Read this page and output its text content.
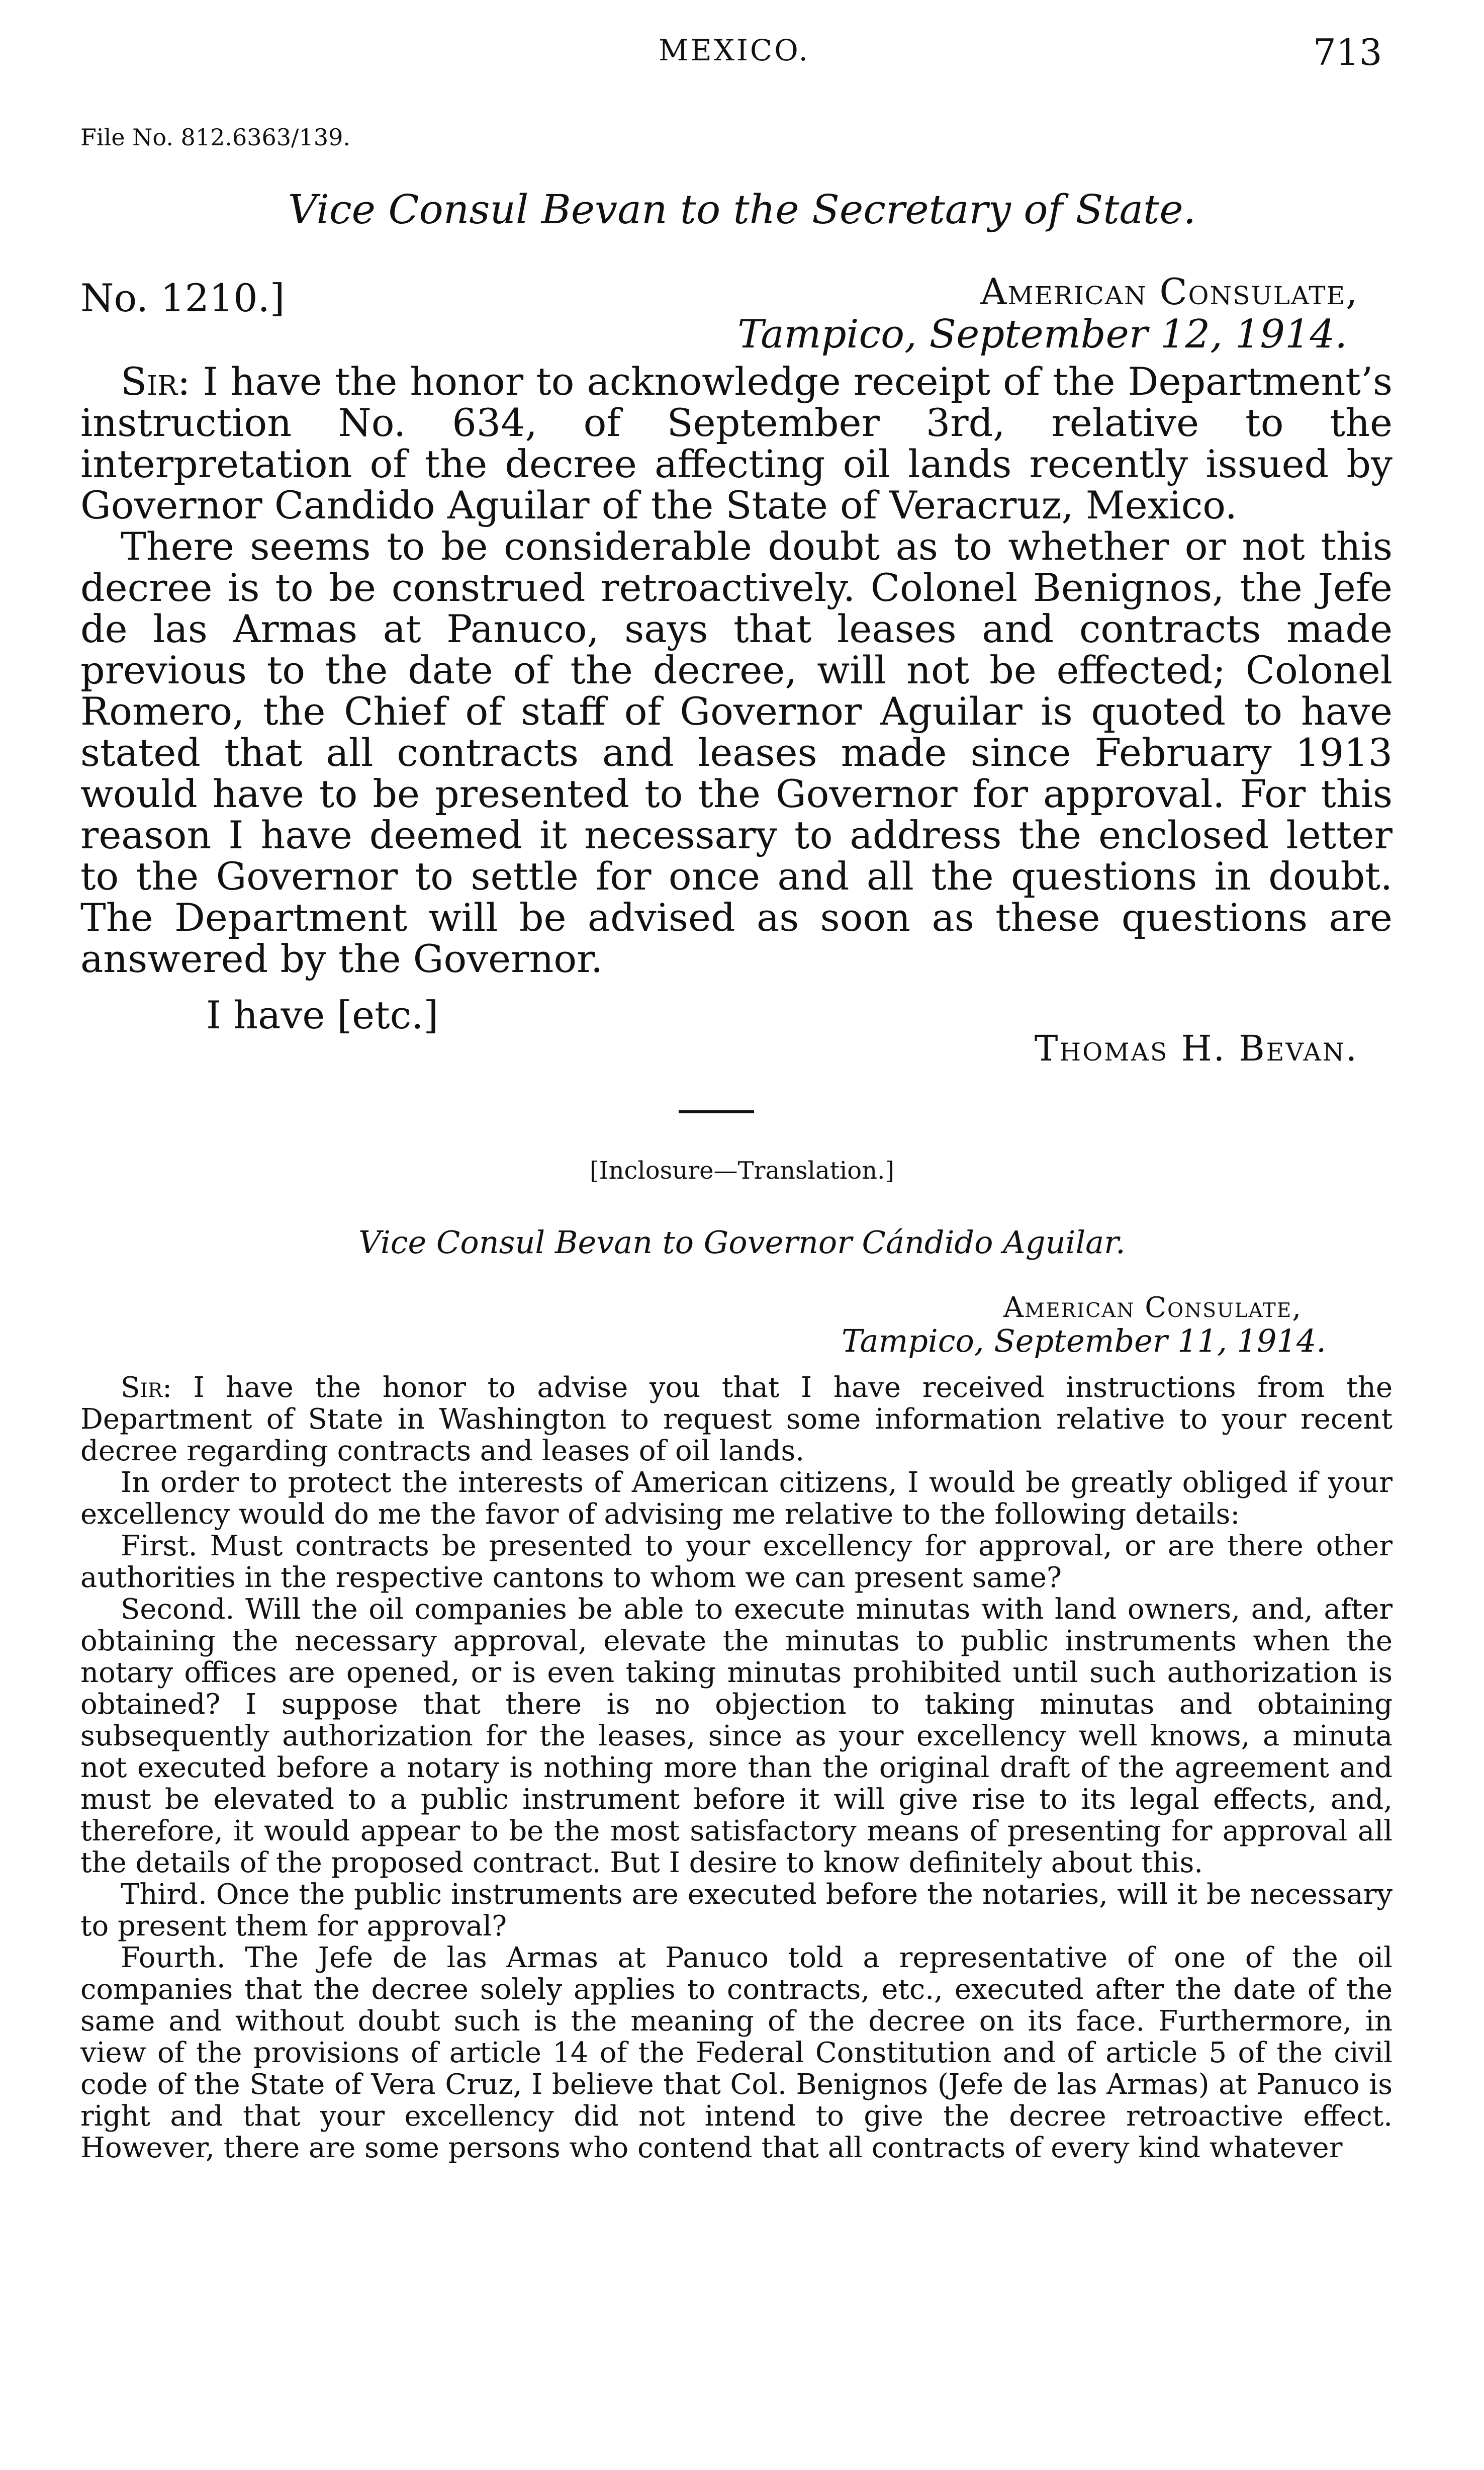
MEXICO.	713
File No. 812.6363/139.
Vice Consul Bevan to the Secretary of State.
No. 1210.]	American Consulate,
Tampico, September 12, 1914.

Sir: I have the honor to acknowledge receipt of the Department’s instruction No. 634, of September 3rd, relative to the interpretation of the decree affecting oil lands recently issued by Governor Candido Aguilar of the State of Veracruz, Mexico.

There seems to be considerable doubt as to whether or not this decree is to be construed retroactively. Colonel Benignos, the Jefe de las Armas at Panuco, says that leases and contracts made previous to the date of the decree, will not be effected; Colonel Romero, the Chief of staff of Governor Aguilar is quoted to have stated that all contracts and leases made since February 1913 would have to be presented to the Governor for approval. For this reason I have deemed it necessary to address the enclosed letter to the Governor to settle for once and all the questions in doubt. The Department will be advised as soon as these questions are answered by the Governor.

I have [etc.]
Thomas H. Bevan.
[Inclosure—Translation.]
Vice Consul Bevan to Governor Cándido Aguilar.
American Consulate,
Tampico, September 11, 1914.

Sir: I have the honor to advise you that I have received instructions from the Department of State in Washington to request some information relative to your recent decree regarding contracts and leases of oil lands.

In order to protect the interests of American citizens, I would be greatly obliged if your excellency would do me the favor of advising me relative to the following details:

First. Must contracts be presented to your excellency for approval, or are there other authorities in the respective cantons to whom we can present same?

Second. Will the oil companies be able to execute minutas with land owners, and, after obtaining the necessary approval, elevate the minutas to public instruments when the notary offices are opened, or is even taking minutas prohibited until such authorization is obtained? I suppose that there is no objection to taking minutas and obtaining subsequently authorization for the leases, since as your excellency well knows, a minuta not executed before a notary is nothing more than the original draft of the agreement and must be elevated to a public instrument before it will give rise to its legal effects, and, therefore, it would appear to be the most satisfactory means of presenting for approval all the details of the proposed contract. But I desire to know definitely about this.

Third. Once the public instruments are executed before the notaries, will it be necessary to present them for approval?

Fourth. The Jefe de las Armas at Panuco told a representative of one of the oil companies that the decree solely applies to contracts, etc., executed after the date of the same and without doubt such is the meaning of the decree on its face. Furthermore, in view of the provisions of article 14 of the Federal Constitution and of article 5 of the civil code of the State of Vera Cruz, I believe that Col. Benignos (Jefe de las Armas) at Panuco is right and that your excellency did not intend to give the decree retroactive effect. However, there are some persons who contend that all contracts of every kind whatever
